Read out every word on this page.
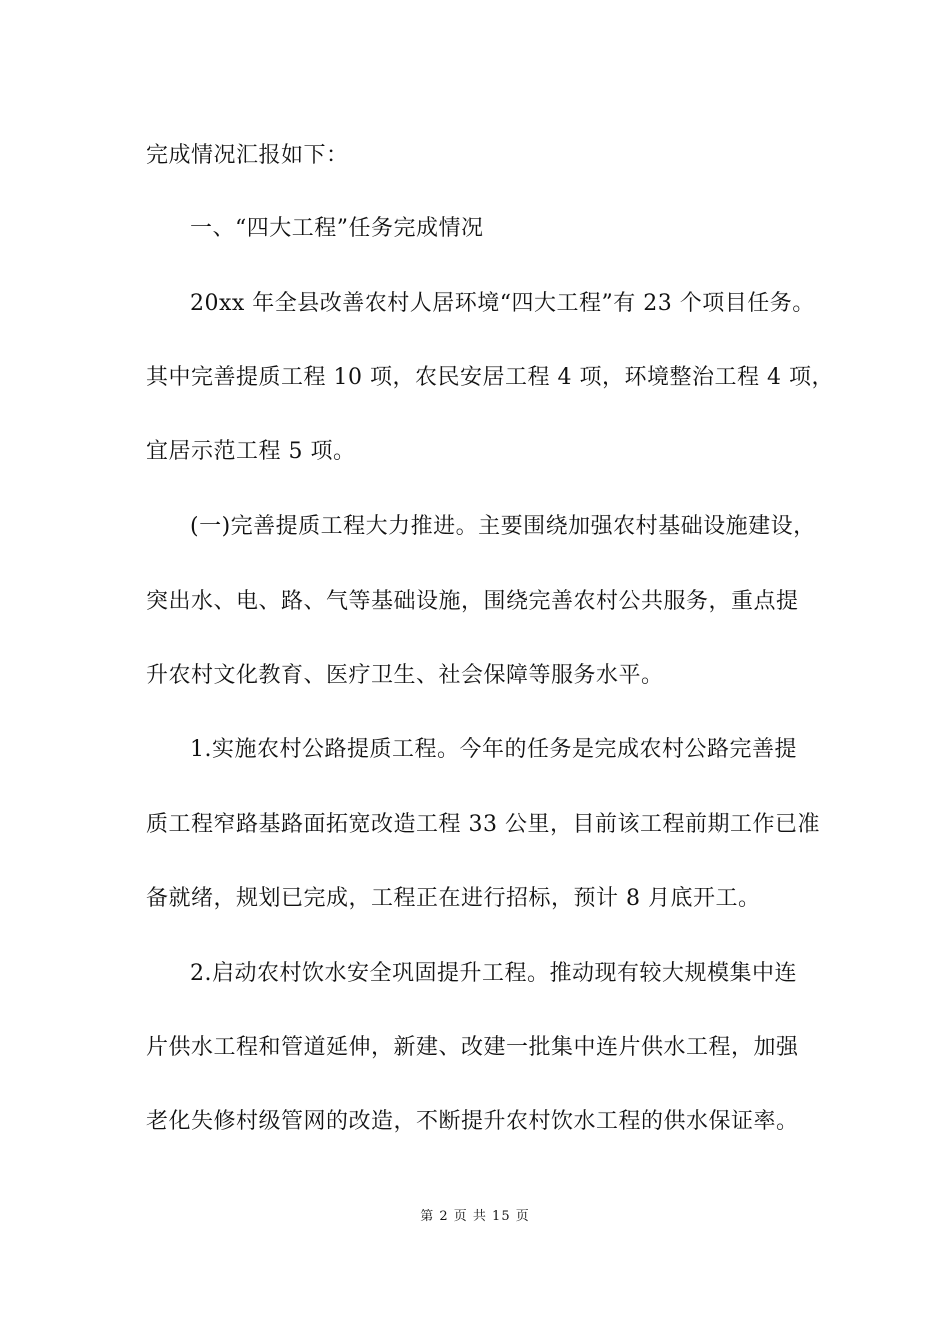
完成情况汇报如下：
一、“四大工程”任务完成情况
20xx 年全县改善农村人居环境“四大工程”有 23 个项目任务。
其中完善提质工程 10 项，农民安居工程 4 项，环境整治工程 4 项，
宜居示范工程 5 项。
(一)完善提质工程大力推进。主要围绕加强农村基础设施建设，
突出水、电、路、气等基础设施，围绕完善农村公共服务，重点提
升农村文化教育、医疗卫生、社会保障等服务水平。
1.实施农村公路提质工程。今年的任务是完成农村公路完善提
质工程窄路基路面拓宽改造工程 33 公里，目前该工程前期工作已准
备就绪，规划已完成，工程正在进行招标，预计 8 月底开工。
2.启动农村饮水安全巩固提升工程。推动现有较大规模集中连
片供水工程和管道延伸，新建、改建一批集中连片供水工程，加强
老化失修村级管网的改造，不断提升农村饮水工程的供水保证率。
第 2 页 共 15 页
